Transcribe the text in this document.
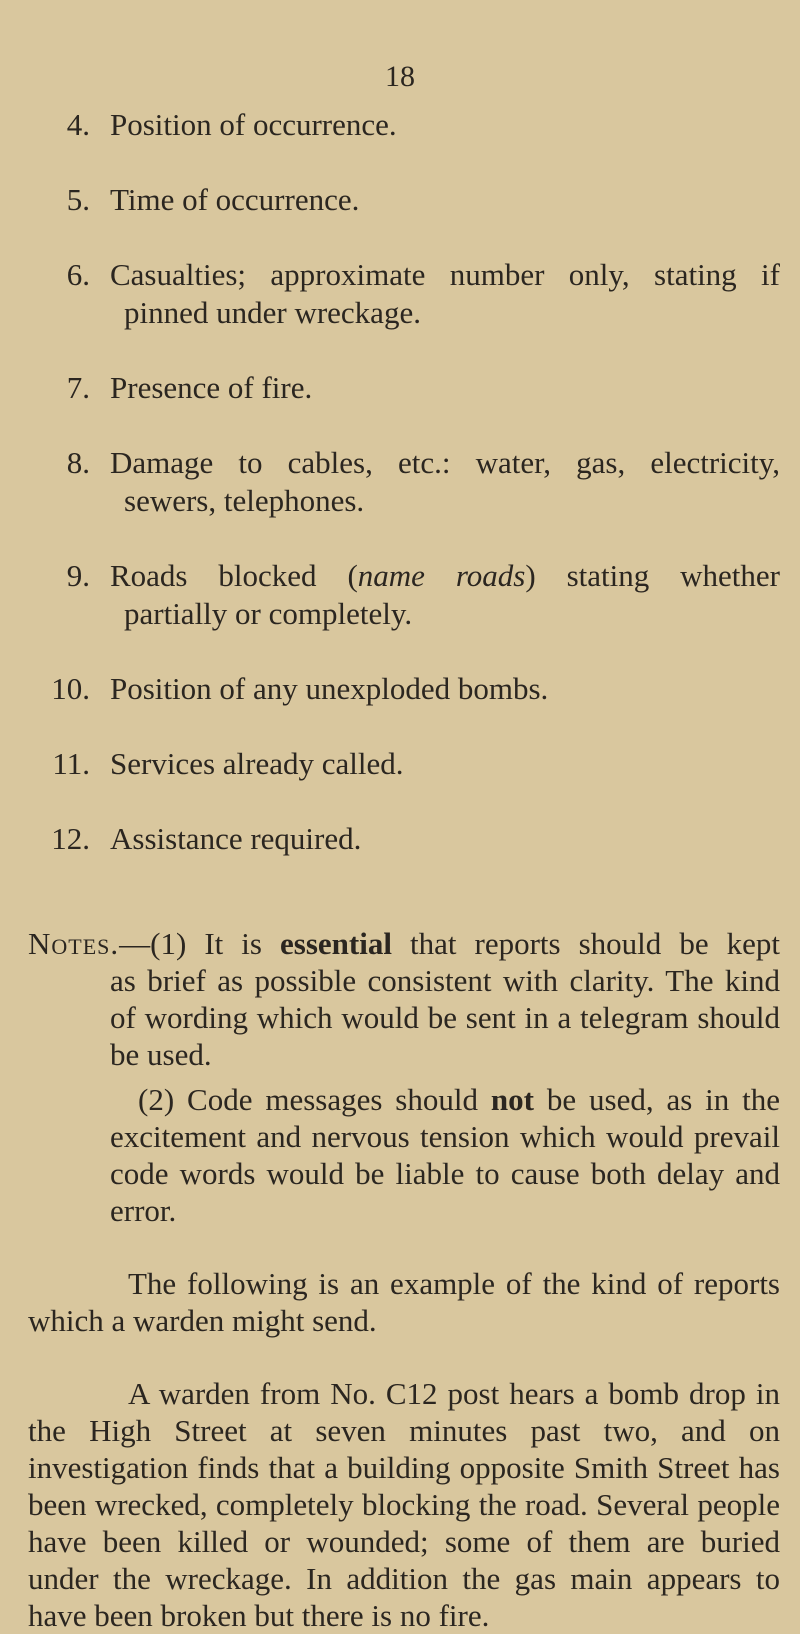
18
4. Position of occurrence.
5. Time of occurrence.
6. Casualties; approximate number only, stating if
pinned under wreckage.
7. Presence of fire.
8. Damage to cables, etc.: water, gas, electricity,
sewers, telephones.
9. Roads blocked (name roads) stating whether
partially or completely.
10. Position of any unexploded bombs.
11. Services already called.
12. Assistance required.
Notes.—(1) It is essential that reports should be kept
as brief as possible consistent with clarity. The kind of wording which would be sent in a telegram should be used.
(2) Code messages should not be used, as in the excitement and nervous tension which would prevail code words would be liable to cause both delay and error.
The following is an example of the kind of reports which a warden might send.
A warden from No. C12 post hears a bomb drop in the High Street at seven minutes past two, and on investigation finds that a building opposite Smith Street has been wrecked, completely blocking the road. Several people have been killed or wounded; some of them are buried under the wreckage. In addition the gas main appears to have been broken but there is no fire.
